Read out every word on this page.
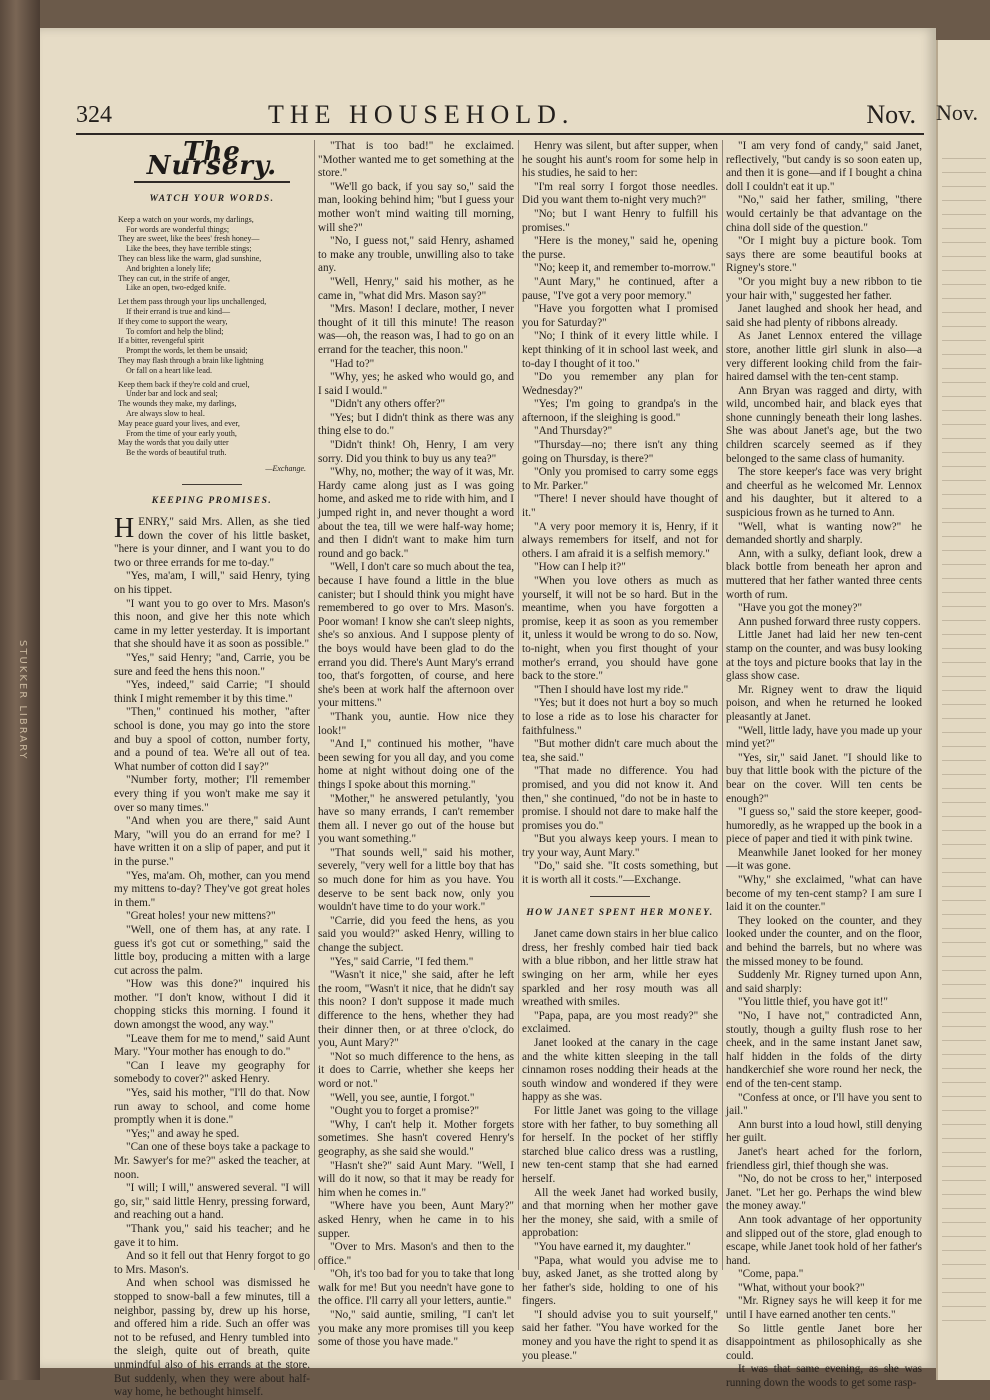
STUKKER LIBRARY
Nov.
324	THE HOUSEHOLD.	Nov.
The Nursery.
WATCH YOUR WORDS.
Keep a watch on your words, my darlings,
For words are wonderful things;
They are sweet, like the bees' fresh honey—
Like the bees, they have terrible stings;
They can bless like the warm, glad sunshine,
And brighten a lonely life;
They can cut, in the strife of anger,
Like an open, two-edged knife.
Let them pass through your lips unchallenged,
If their errand is true and kind—
If they come to support the weary,
To comfort and help the blind;
If a bitter, revengeful spirit
Prompt the words, let them be unsaid;
They may flash through a brain like lightning
Or fall on a heart like lead.
Keep them back if they're cold and cruel,
Under bar and lock and seal;
The wounds they make, my darlings,
Are always slow to heal.
May peace guard your lives, and ever,
From the time of your early youth,
May the words that you daily utter
Be the words of beautiful truth.
—Exchange.
KEEPING PROMISES.

HENRY," said Mrs. Allen, as she tied down the cover of his little basket, "here is your dinner, and I want you to do two or three errands for me to-day."

"Yes, ma'am, I will," said Henry, tying on his tippet.

"I want you to go over to Mrs. Mason's this noon, and give her this note which came in my letter yesterday. It is important that she should have it as soon as possible."

"Yes," said Henry; "and, Carrie, you be sure and feed the hens this noon."

"Yes, indeed," said Carrie; "I should think I might remember it by this time."

"Then," continued his mother, "after school is done, you may go into the store and buy a spool of cotton, number forty, and a pound of tea. We're all out of tea. What number of cotton did I say?"

"Number forty, mother; I'll remember every thing if you won't make me say it over so many times."

"And when you are there," said Aunt Mary, "will you do an errand for me? I have written it on a slip of paper, and put it in the purse."

"Yes, ma'am. Oh, mother, can you mend my mittens to-day? They've got great holes in them."

"Great holes! your new mittens?"

"Well, one of them has, at any rate. I guess it's got cut or something," said the little boy, producing a mitten with a large cut across the palm.

"How was this done?" inquired his mother. "I don't know, without I did it chopping sticks this morning. I found it down amongst the wood, any way."

"Leave them for me to mend," said Aunt Mary. "Your mother has enough to do."

"Can I leave my geography for somebody to cover?" asked Henry.

"Yes, said his mother, "I'll do that. Now run away to school, and come home promptly when it is done."

"Yes;" and away he sped.

"Can one of these boys take a package to Mr. Sawyer's for me?" asked the teacher, at noon.

"I will; I will," answered several. "I will go, sir," said little Henry, pressing forward, and reaching out a hand.

"Thank you," said his teacher; and he gave it to him.

And so it fell out that Henry forgot to go to Mrs. Mason's.

And when school was dismissed he stopped to snow-ball a few minutes, till a neighbor, passing by, drew up his horse, and offered him a ride. Such an offer was not to be refused, and Henry tumbled into the sleigh, quite out of breath, quite unmindful also of his errands at the store. But suddenly, when they were about half-way home, he bethought himself.

"That is too bad!" he exclaimed. "Mother wanted me to get something at the store."

"We'll go back, if you say so," said the man, looking behind him; "but I guess your mother won't mind waiting till morning, will she?"

"No, I guess not," said Henry, ashamed to make any trouble, unwilling also to take any.

"Well, Henry," said his mother, as he came in, "what did Mrs. Mason say?"

"Mrs. Mason! I declare, mother, I never thought of it till this minute! The reason was—oh, the reason was, I had to go on an errand for the teacher, this noon."

"Had to?"

"Why, yes; he asked who would go, and I said I would."

"Didn't any others offer?"

"Yes; but I didn't think as there was any thing else to do."

"Didn't think! Oh, Henry, I am very sorry. Did you think to buy us any tea?"

"Why, no, mother; the way of it was, Mr. Hardy came along just as I was going home, and asked me to ride with him, and I jumped right in, and never thought a word about the tea, till we were half-way home; and then I didn't want to make him turn round and go back."

"Well, I don't care so much about the tea, because I have found a little in the blue canister; but I should think you might have remembered to go over to Mrs. Mason's. Poor woman! I know she can't sleep nights, she's so anxious. And I suppose plenty of the boys would have been glad to do the errand you did. There's Aunt Mary's errand too, that's forgotten, of course, and here she's been at work half the afternoon over your mittens."

"Thank you, auntie. How nice they look!"

"And I," continued his mother, "have been sewing for you all day, and you come home at night without doing one of the things I spoke about this morning."

"Mother," he answered petulantly, 'you have so many errands, I can't remember them all. I never go out of the house but you want something."

"That sounds well," said his mother, severely, "very well for a little boy that has so much done for him as you have. You deserve to be sent back now, only you wouldn't have time to do your work."

"Carrie, did you feed the hens, as you said you would?" asked Henry, willing to change the subject.

"Yes," said Carrie, "I fed them."

"Wasn't it nice," she said, after he left the room, "Wasn't it nice, that he didn't say this noon? I don't suppose it made much difference to the hens, whether they had their dinner then, or at three o'clock, do you, Aunt Mary?"

"Not so much difference to the hens, as it does to Carrie, whether she keeps her word or not."

"Well, you see, auntie, I forgot."

"Ought you to forget a promise?"

"Why, I can't help it. Mother forgets sometimes. She hasn't covered Henry's geography, as she said she would."

"Hasn't she?" said Aunt Mary. "Well, I will do it now, so that it may be ready for him when he comes in."

"Where have you been, Aunt Mary?" asked Henry, when he came in to his supper.

"Over to Mrs. Mason's and then to the office."

"Oh, it's too bad for you to take that long walk for me! But you needn't have gone to the office. I'll carry all your letters, auntie."

"No," said auntie, smiling, "I can't let you make any more promises till you keep some of those you have made."

Henry was silent, but after supper, when he sought his aunt's room for some help in his studies, he said to her:

"I'm real sorry I forgot those needles. Did you want them to-night very much?"

"No; but I want Henry to fulfill his promises."

"Here is the money," said he, opening the purse.

"No; keep it, and remember to-morrow."

"Aunt Mary," he continued, after a pause, "I've got a very poor memory."

"Have you forgotten what I promised you for Saturday?"

"No; I think of it every little while. I kept thinking of it in school last week, and to-day I thought of it too."

"Do you remember any plan for Wednesday?"

"Yes; I'm going to grandpa's in the afternoon, if the sleighing is good."

"And Thursday?"

"Thursday—no; there isn't any thing going on Thursday, is there?"

"Only you promised to carry some eggs to Mr. Parker."

"There! I never should have thought of it."

"A very poor memory it is, Henry, if it always remembers for itself, and not for others. I am afraid it is a selfish memory."

"How can I help it?"

"When you love others as much as yourself, it will not be so hard. But in the meantime, when you have forgotten a promise, keep it as soon as you remember it, unless it would be wrong to do so. Now, to-night, when you first thought of your mother's errand, you should have gone back to the store."

"Then I should have lost my ride."

"Yes; but it does not hurt a boy so much to lose a ride as to lose his character for faithfulness."

"But mother didn't care much about the tea, she said."

"That made no difference. You had promised, and you did not know it. And then," she continued, "do not be in haste to promise. I should not dare to make half the promises you do."

"But you always keep yours. I mean to try your way, Aunt Mary."

"Do," said she. "It costs something, but it is worth all it costs."—Exchange.

HOW JANET SPENT HER MONEY.

Janet came down stairs in her blue calico dress, her freshly combed hair tied back with a blue ribbon, and her little straw hat swinging on her arm, while her eyes sparkled and her rosy mouth was all wreathed with smiles.

"Papa, papa, are you most ready?" she exclaimed.

Janet looked at the canary in the cage and the white kitten sleeping in the tall cinnamon roses nodding their heads at the south window and wondered if they were happy as she was.

For little Janet was going to the village store with her father, to buy something all for herself. In the pocket of her stiffly starched blue calico dress was a rustling, new ten-cent stamp that she had earned herself.

All the week Janet had worked busily, and that morning when her mother gave her the money, she said, with a smile of approbation:

"You have earned it, my daughter."

"Papa, what would you advise me to buy, asked Janet, as she trotted along by her father's side, holding to one of his fingers.

"I should advise you to suit yourself," said her father. "You have worked for the money and you have the right to spend it as you please."

"I am very fond of candy," said Janet, reflectively, "but candy is so soon eaten up, and then it is gone—and if I bought a china doll I couldn't eat it up."

"No," said her father, smiling, "there would certainly be that advantage on the china doll side of the question."

"Or I might buy a picture book. Tom says there are some beautiful books at Rigney's store."

"Or you might buy a new ribbon to tie your hair with," suggested her father.

Janet laughed and shook her head, and said she had plenty of ribbons already.

As Janet Lennox entered the village store, another little girl slunk in also—a very different looking child from the fair-haired damsel with the ten-cent stamp.

Ann Bryan was ragged and dirty, with wild, uncombed hair, and black eyes that shone cunningly beneath their long lashes. She was about Janet's age, but the two children scarcely seemed as if they belonged to the same class of humanity.

The store keeper's face was very bright and cheerful as he welcomed Mr. Lennox and his daughter, but it altered to a suspicious frown as he turned to Ann.

"Well, what is wanting now?" he demanded shortly and sharply.

Ann, with a sulky, defiant look, drew a black bottle from beneath her apron and muttered that her father wanted three cents worth of rum.

"Have you got the money?"

Ann pushed forward three rusty coppers.

Little Janet had laid her new ten-cent stamp on the counter, and was busy looking at the toys and picture books that lay in the glass show case.

Mr. Rigney went to draw the liquid poison, and when he returned he looked pleasantly at Janet.

"Well, little lady, have you made up your mind yet?"

"Yes, sir," said Janet. "I should like to buy that little book with the picture of the bear on the cover. Will ten cents be enough?"

"I guess so," said the store keeper, good-humoredly, as he wrapped up the book in a piece of paper and tied it with pink twine.

Meanwhile Janet looked for her money—it was gone.

"Why," she exclaimed, "what can have become of my ten-cent stamp? I am sure I laid it on the counter."

They looked on the counter, and they looked under the counter, and on the floor, and behind the barrels, but no where was the missed money to be found.

Suddenly Mr. Rigney turned upon Ann, and said sharply:

"You little thief, you have got it!"

"No, I have not," contradicted Ann, stoutly, though a guilty flush rose to her cheek, and in the same instant Janet saw, half hidden in the folds of the dirty handkerchief she wore round her neck, the end of the ten-cent stamp.

"Confess at once, or I'll have you sent to jail."

Ann burst into a loud howl, still denying her guilt.

Janet's heart ached for the forlorn, friendless girl, thief though she was.

"No, do not be cross to her," interposed Janet. "Let her go. Perhaps the wind blew the money away."

Ann took advantage of her opportunity and slipped out of the store, glad enough to escape, while Janet took hold of her father's hand.

"Come, papa."

"What, without your book?"

"Mr. Rigney says he will keep it for me until I have earned another ten cents."

So little gentle Janet bore her disappointment as philosophically as she could.

It was that same evening, as she was running down the woods to get some rasp-
